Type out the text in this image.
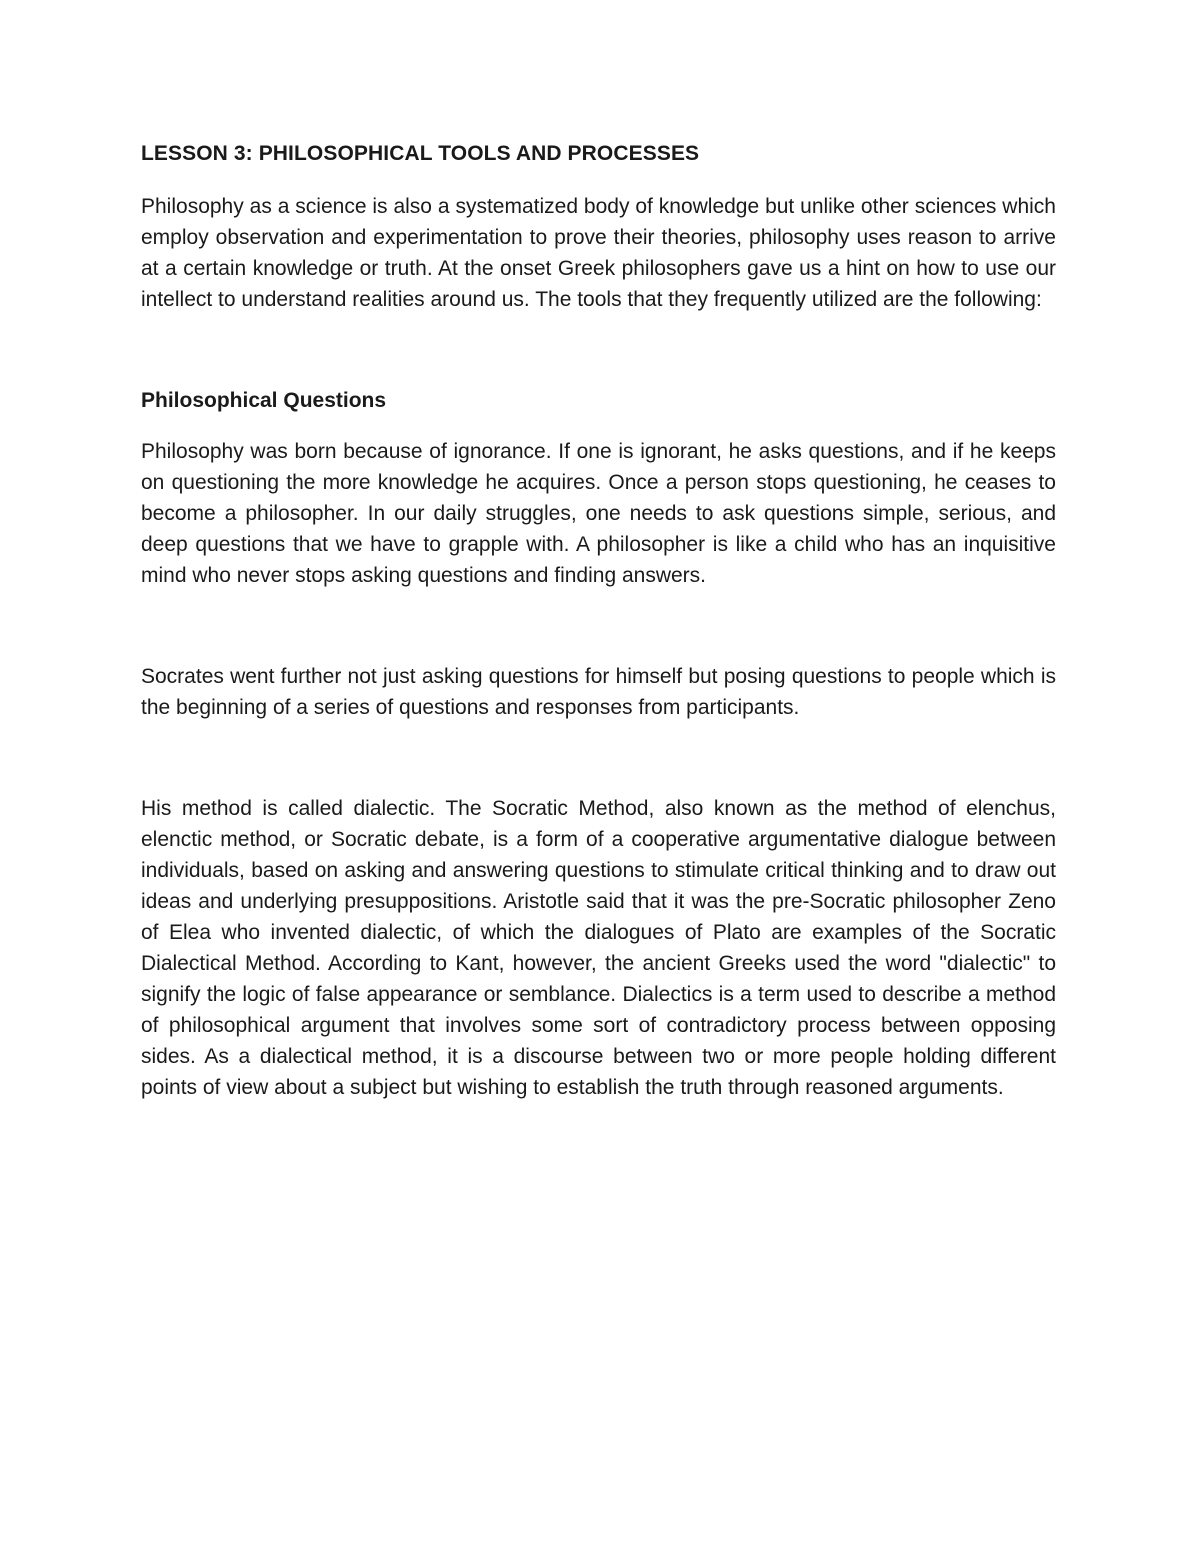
LESSON 3: PHILOSOPHICAL TOOLS AND PROCESSES

Philosophy as a science is also a systematized body of knowledge but unlike other sciences which employ observation and experimentation to prove their theories, philosophy uses reason to arrive at a certain knowledge or truth. At the onset Greek philosophers gave us a hint on how to use our intellect to understand realities around us. The tools that they frequently utilized are the following:

Philosophical Questions

Philosophy was born because of ignorance. If one is ignorant, he asks questions, and if he keeps on questioning the more knowledge he acquires. Once a person stops questioning, he ceases to become a philosopher. In our daily struggles, one needs to ask questions simple, serious, and deep questions that we have to grapple with. A philosopher is like a child who has an inquisitive mind who never stops asking questions and finding answers.

Socrates went further not just asking questions for himself but posing questions to people which is the beginning of a series of questions and responses from participants.

His method is called dialectic. The Socratic Method, also known as the method of elenchus, elenctic method, or Socratic debate, is a form of a cooperative argumentative dialogue between individuals, based on asking and answering questions to stimulate critical thinking and to draw out ideas and underlying presuppositions. Aristotle said that it was the pre-Socratic philosopher Zeno of Elea who invented dialectic, of which the dialogues of Plato are examples of the Socratic Dialectical Method. According to Kant, however, the ancient Greeks used the word "dialectic" to signify the logic of false appearance or semblance. Dialectics is a term used to describe a method of philosophical argument that involves some sort of contradictory process between opposing sides. As a dialectical method, it is a discourse between two or more people holding different points of view about a subject but wishing to establish the truth through reasoned arguments.
